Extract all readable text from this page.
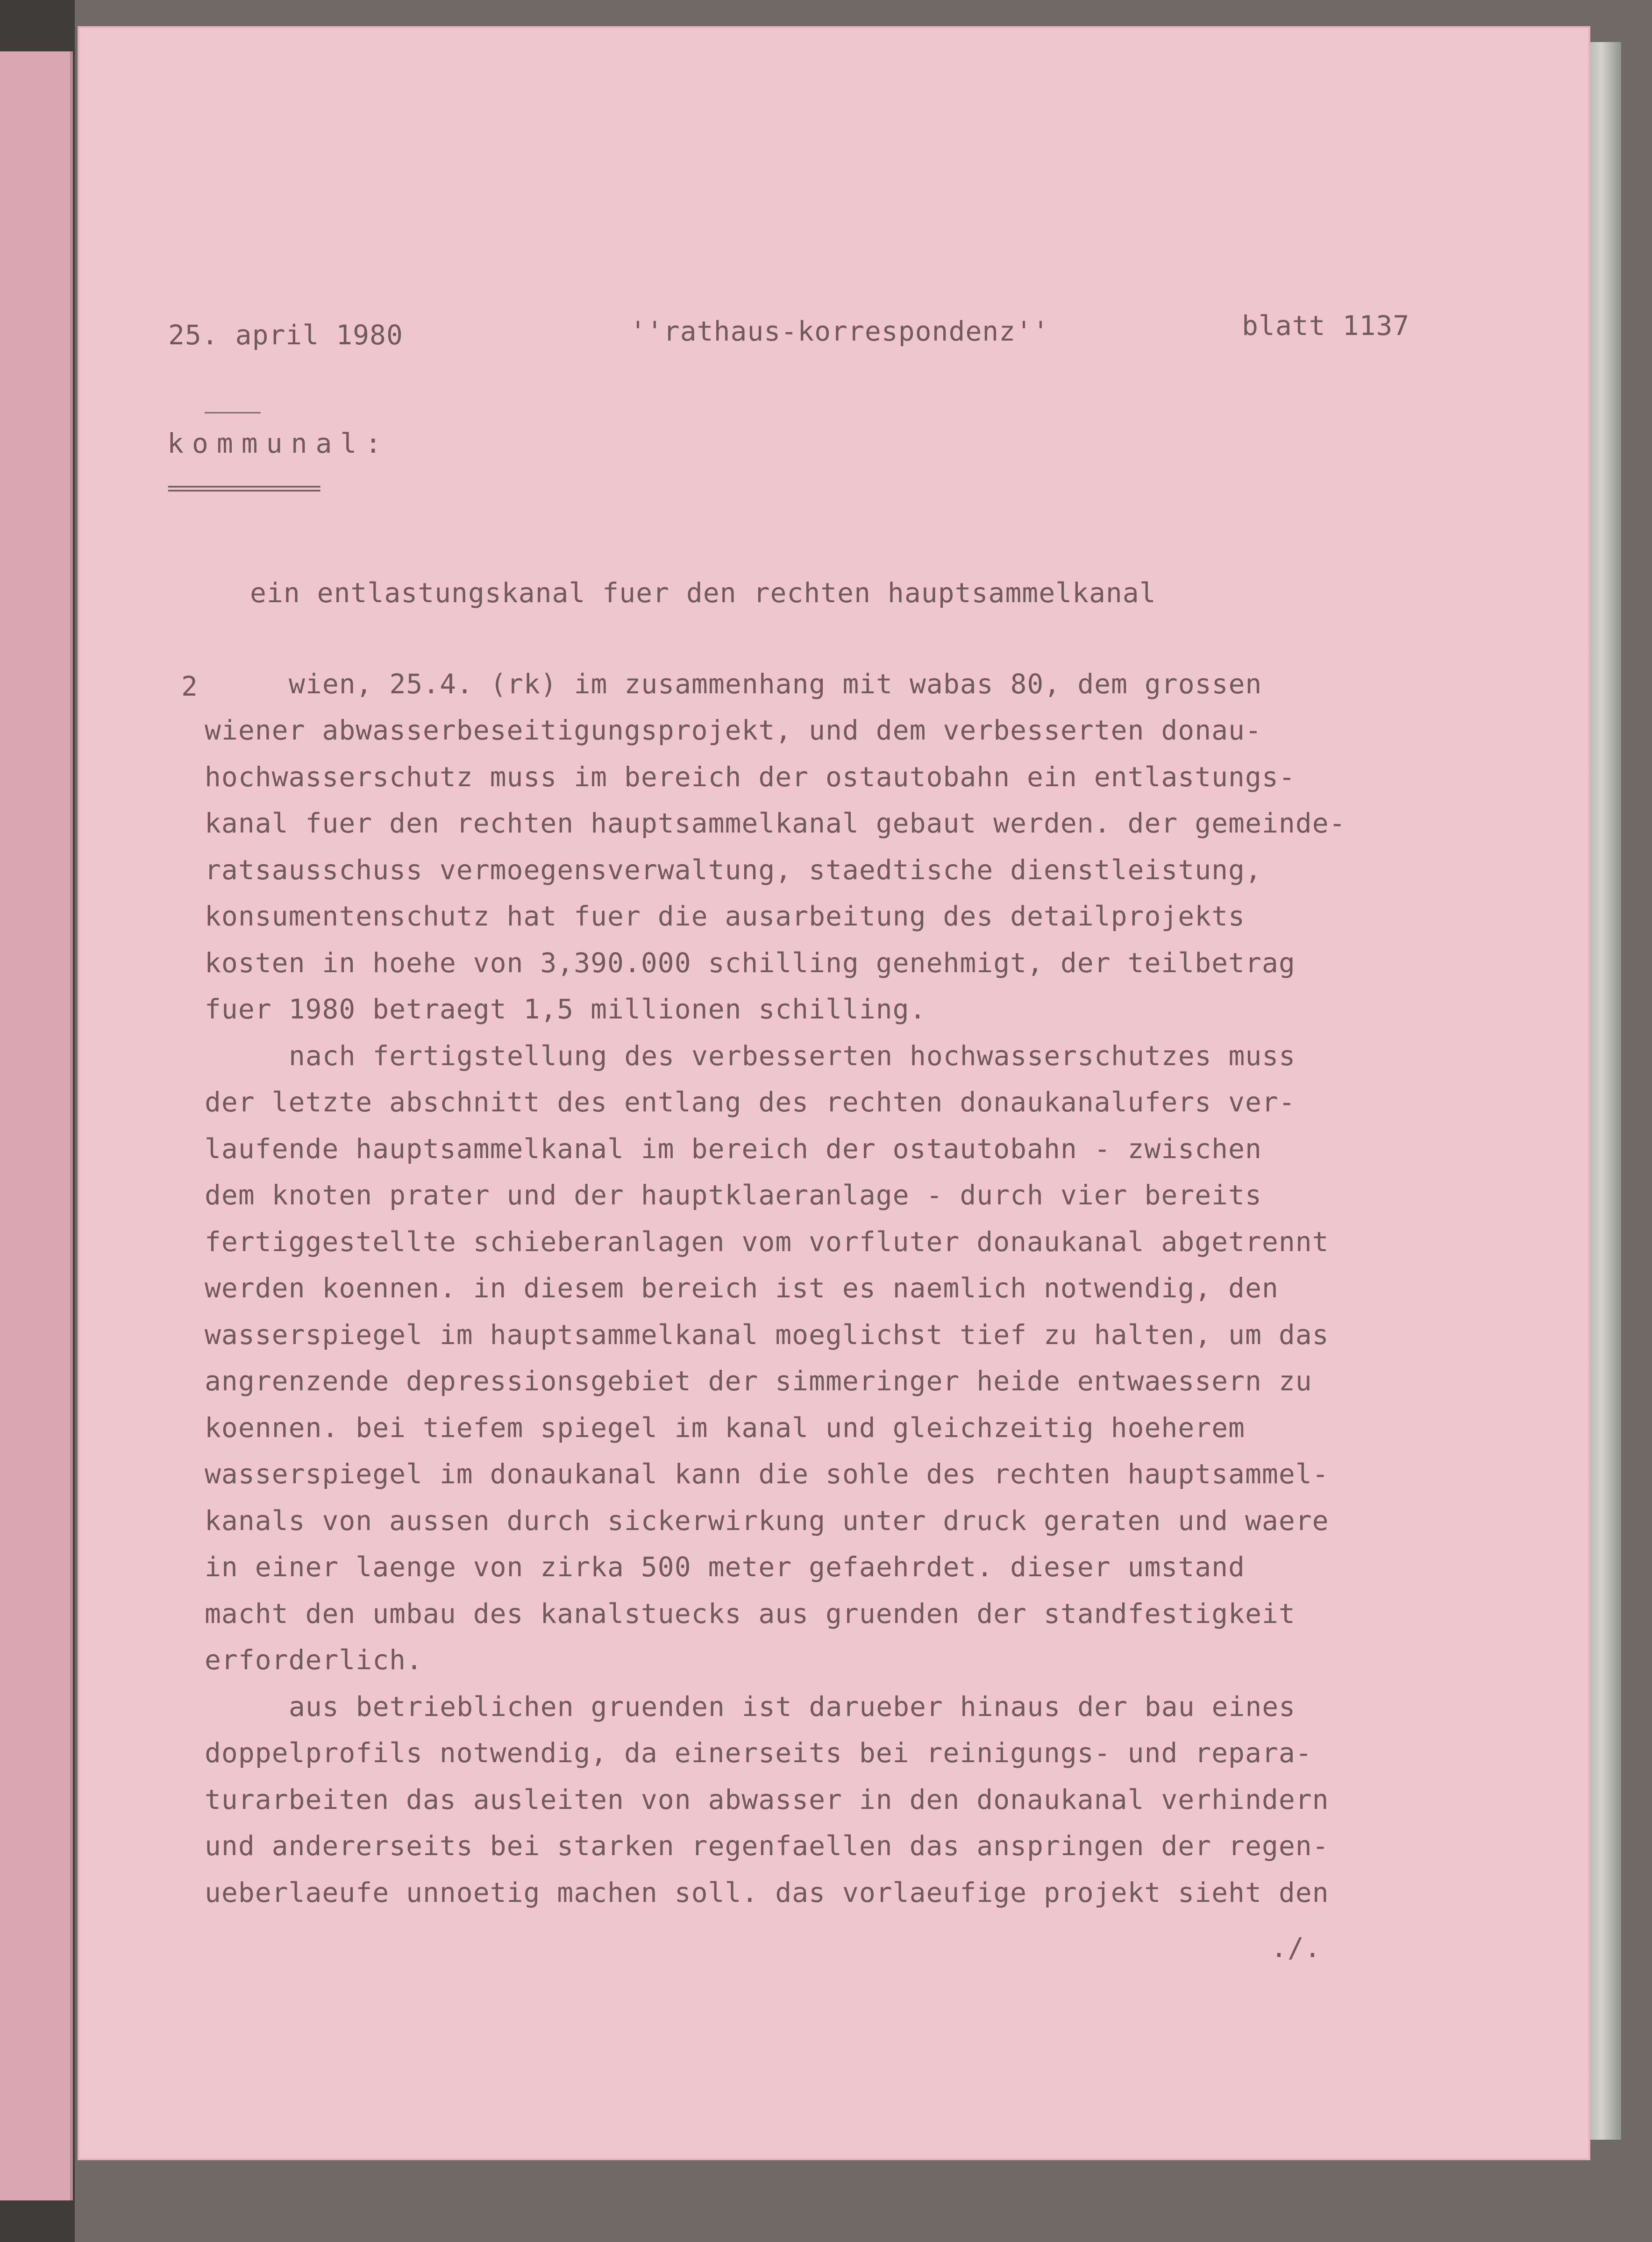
25. april 1980	''rathaus-korrespondenz''	blatt 1137
kommunal:
================
ein entlastungskanal fuer den rechten hauptsammelkanal
2	wien, 25.4. (rk) im zusammenhang mit wabas 80, dem grossen
wiener abwasserbeseitigungsprojekt, und dem verbesserten donau-
hochwasserschutz muss im bereich der ostautobahn ein entlastungs-
kanal fuer den rechten hauptsammelkanal gebaut werden. der gemeinde-
ratsausschuss vermoegensverwaltung, staedtische dienstleistung,
konsumentenschutz hat fuer die ausarbeitung des detailprojekts
kosten in hoehe von 3,390.000 schilling genehmigt, der teilbetrag
fuer 1980 betraegt 1,5 millionen schilling.
nach fertigstellung des verbesserten hochwasserschutzes muss
der letzte abschnitt des entlang des rechten donaukanalufers ver-
laufende hauptsammelkanal im bereich der ostautobahn - zwischen
dem knoten prater und der hauptklaeranlage - durch vier bereits
fertiggestellte schieberanlagen vom vorfluter donaukanal abgetrennt
werden koennen. in diesem bereich ist es naemlich notwendig, den
wasserspiegel im hauptsammelkanal moeglichst tief zu halten, um das
angrenzende depressionsgebiet der simmeringer heide entwaessern zu
koennen. bei tiefem spiegel im kanal und gleichzeitig hoeherem
wasserspiegel im donaukanal kann die sohle des rechten hauptsammel-
kanals von aussen durch sickerwirkung unter druck geraten und waere
in einer laenge von zirka 500 meter gefaehrdet. dieser umstand
macht den umbau des kanalstuecks aus gruenden der standfestigkeit
erforderlich.
aus betrieblichen gruenden ist darueber hinaus der bau eines
doppelprofils notwendig, da einerseits bei reinigungs- und repara-
turarbeiten das ausleiten von abwasser in den donaukanal verhindern
und andererseits bei starken regenfaellen das anspringen der regen-
ueberlaeufe unnoetig machen soll. das vorlaeufige projekt sieht den
./.
